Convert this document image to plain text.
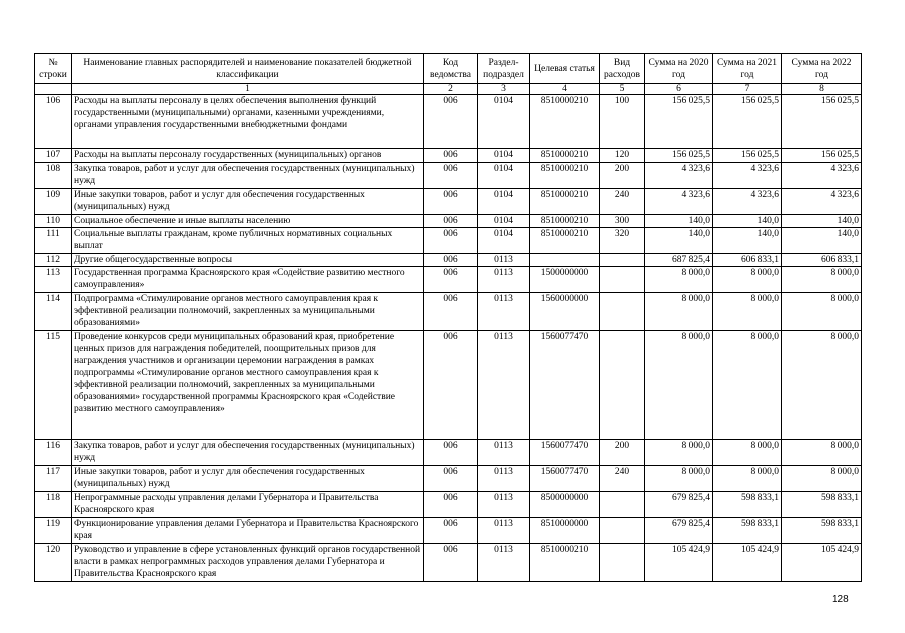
№ строки	Наименование главных распорядителей и наименование показателей бюджетной классификации	Код ведомства	Раздел-подраздел	Целевая статья	Вид расходов	Сумма на 2020 год	Сумма на 2021 год	Сумма на 2022 год
	1	2	3	4	5	6	7	8
106	Расходы на выплаты персоналу в целях обеспечения выполнения функций государственными (муниципальными) органами, казенными учреждениями, органами управления государственными внебюджетными фондами	006	0104	8510000210	100	156 025,5	156 025,5	156 025,5
107	Расходы на выплаты персоналу государственных (муниципальных) органов	006	0104	8510000210	120	156 025,5	156 025,5	156 025,5
108	Закупка товаров, работ и услуг для обеспечения государственных (муниципальных) нужд	006	0104	8510000210	200	4 323,6	4 323,6	4 323,6
109	Иные закупки товаров, работ и услуг для обеспечения государственных (муниципальных) нужд	006	0104	8510000210	240	4 323,6	4 323,6	4 323,6
110	Социальное обеспечение и иные выплаты населению	006	0104	8510000210	300	140,0	140,0	140,0
111	Социальные выплаты гражданам, кроме публичных нормативных социальных выплат	006	0104	8510000210	320	140,0	140,0	140,0
112	Другие общегосударственные вопросы	006	0113			687 825,4	606 833,1	606 833,1
113	Государственная программа Красноярского края «Содействие развитию местного самоуправления»	006	0113	1500000000		8 000,0	8 000,0	8 000,0
114	Подпрограмма «Стимулирование органов местного самоуправления края к эффективной реализации полномочий, закрепленных за муниципальными образованиями»	006	0113	1560000000		8 000,0	8 000,0	8 000,0
115	Проведение конкурсов среди муниципальных образований края, приобретение ценных призов для награждения победителей, поощрительных призов для награждения участников и организации церемонии награждения в рамках подпрограммы «Стимулирование органов местного самоуправления края к эффективной реализации полномочий, закрепленных за муниципальными образованиями» государственной программы Красноярского края «Содействие развитию местного самоуправления»	006	0113	1560077470		8 000,0	8 000,0	8 000,0
116	Закупка товаров, работ и услуг для обеспечения государственных (муниципальных) нужд	006	0113	1560077470	200	8 000,0	8 000,0	8 000,0
117	Иные закупки товаров, работ и услуг для обеспечения государственных (муниципальных) нужд	006	0113	1560077470	240	8 000,0	8 000,0	8 000,0
118	Непрограммные расходы управления делами Губернатора и Правительства Красноярского края	006	0113	8500000000		679 825,4	598 833,1	598 833,1
119	Функционирование управления делами Губернатора и Правительства Красноярского края	006	0113	8510000000		679 825,4	598 833,1	598 833,1
120	Руководство и управление в сфере установленных функций органов государственной власти в рамках непрограммных расходов управления делами Губернатора и Правительства Красноярского края	006	0113	8510000210		105 424,9	105 424,9	105 424,9
128
